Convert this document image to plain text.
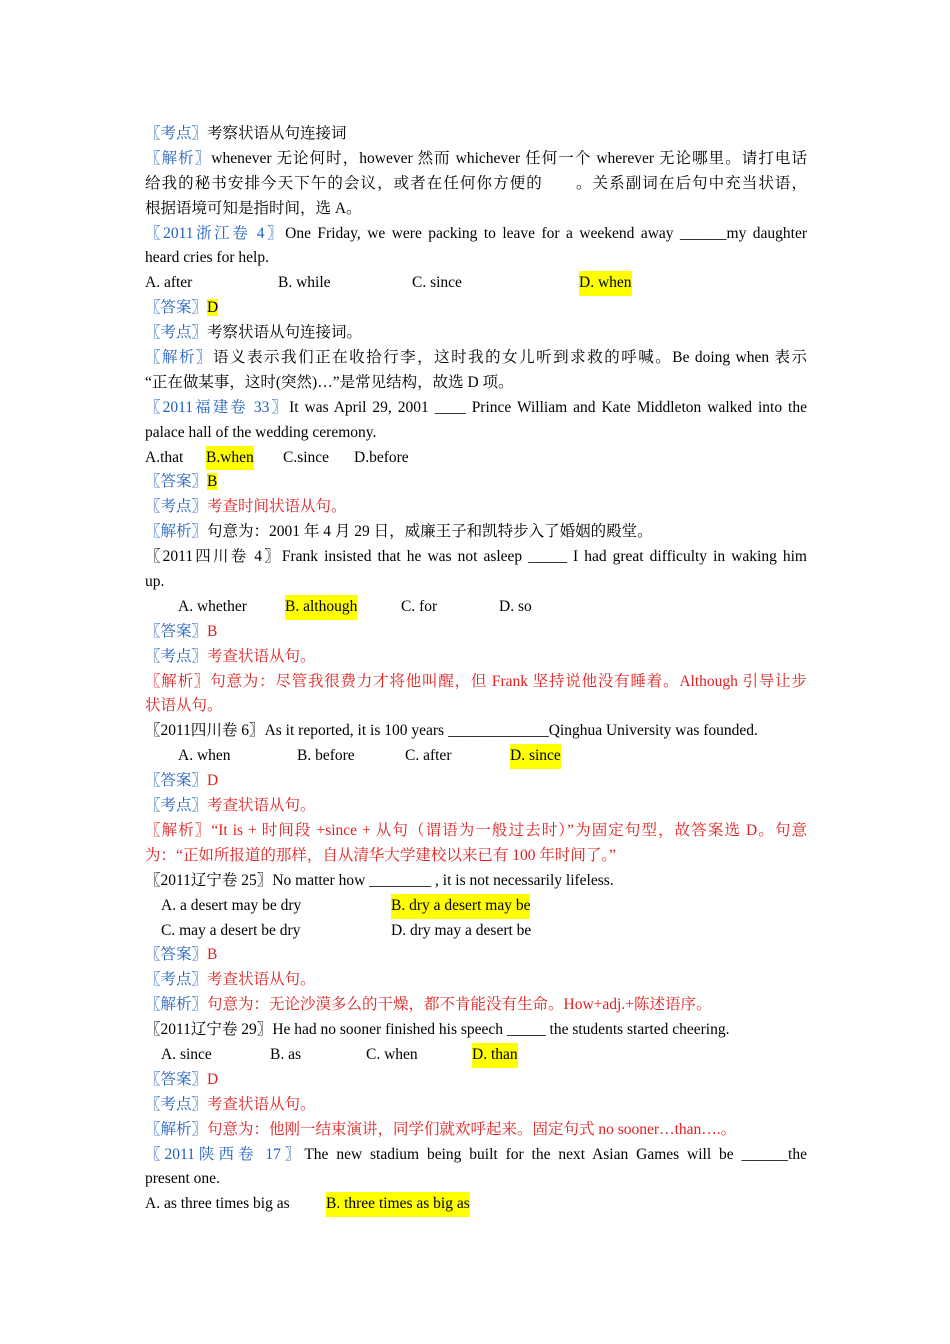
〖考点〗考察状语从句连接词
〖解析〗whenever 无论何时，however 然而 whichever 任何一个 wherever 无论哪里。请打电话
给我的秘书安排今天下午的会议，或者在任何你方便的　　。关系副词在后句中充当状语，
根据语境可知是指时间，选 A。
〖2011浙江卷 4〗One Friday, we were packing to leave for a weekend away ______my daughter
heard cries for help.
A. after	B. while	C. since	D. when
〖答案〗D
〖考点〗考察状语从句连接词。
〖解析〗语义表示我们正在收拾行李，这时我的女儿听到求救的呼喊。Be doing when 表示
“正在做某事，这时(突然)…”是常见结构，故选 D 项。
〖2011福建卷 33〗It was April 29, 2001 ____ Prince William and Kate Middleton walked into the
palace hall of the wedding ceremony.
A.that B.when C.since D.before
〖答案〗B
〖考点〗考查时间状语从句。
〖解析〗句意为：2001 年 4 月 29 日，威廉王子和凯特步入了婚姻的殿堂。
〖2011四川卷 4〗Frank insisted that he was not asleep _____ I had great difficulty in waking him
up.
A. whether B. although	C. for	D. so
〖答案〗B
〖考点〗考查状语从句。
〖解析〗句意为：尽管我很费力才将他叫醒，但 Frank 坚持说他没有睡着。Although 引导让步
状语从句。
〖2011四川卷 6〗As it reported, it is 100 years _____________Qinghua University was founded.
A. when	B. before	C. after	D. since
〖答案〗D
〖考点〗考查状语从句。
〖解析〗“It is + 时间段 +since + 从句（谓语为一般过去时）”为固定句型，故答案选 D。句意
为：“正如所报道的那样，自从清华大学建校以来已有 100 年时间了。”
〖2011辽宁卷 25〗No matter how ________ , it is not necessarily lifeless.
A. a desert may be dry	B. dry a desert may be
C. may a desert be dry	D. dry may a desert be
〖答案〗B
〖考点〗考查状语从句。
〖解析〗句意为：无论沙漠多么的干燥，都不肯能没有生命。How+adj.+陈述语序。
〖2011辽宁卷 29〗He had no sooner finished his speech _____ the students started cheering.
A. since	B. as	C. when	D. than
〖答案〗D
〖考点〗考查状语从句。
〖解析〗句意为：他刚一结束演讲，同学们就欢呼起来。固定句式 no sooner…than….。
〖2011陕西卷 17〗The new stadium being built for the next Asian Games will be ______the
present one.
A. as three times big as B. three times as big as
